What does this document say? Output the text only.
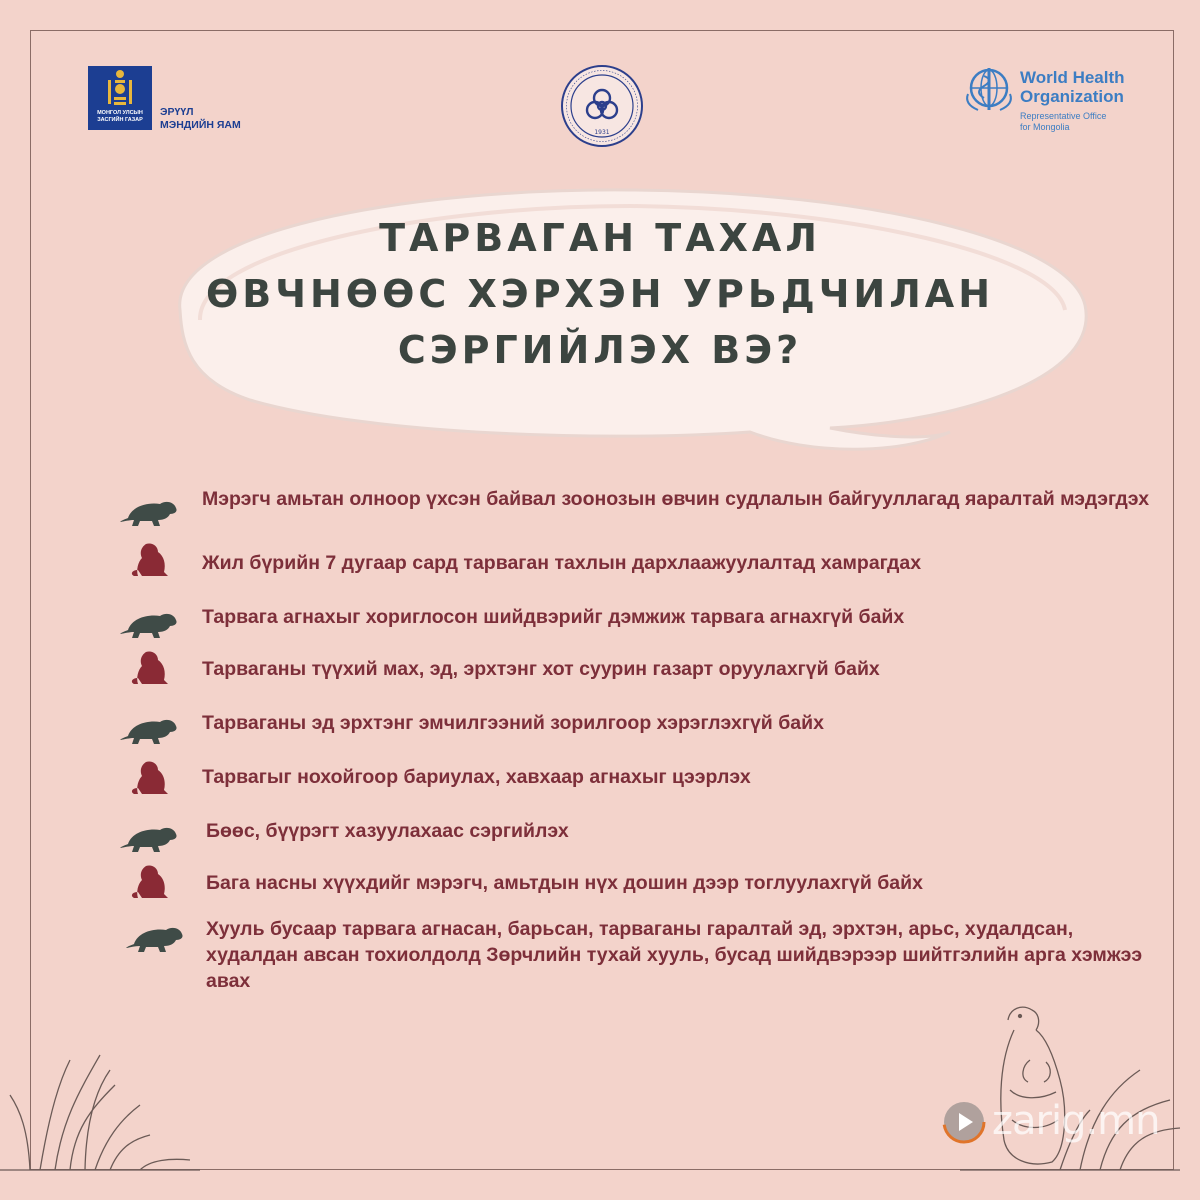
МОНГОЛ УЛСЫН
ЗАСГИЙН ГАЗАР
ЭРҮҮЛ
МЭНДИЙН ЯАМ
1931
World Health
Organization
Representative Office
for Mongolia
ТАРВАГАН ТАХАЛ
ӨВЧНӨӨС ХЭРХЭН УРЬДЧИЛАН
СЭРГИЙЛЭХ ВЭ?
Мэрэгч амьтан олноор үхсэн байвал зоонозын өвчин судлалын байгууллагад яаралтай мэдэгдэх
Жил бүрийн 7 дугаар сард тарваган тахлын дархлаажуулалтад хамрагдах
Тарвага агнахыг хориглосон шийдвэрийг дэмжиж тарвага агнахгүй байх
Тарваганы түүхий мах, эд, эрхтэнг хот суурин газарт оруулахгүй байх
Тарваганы эд эрхтэнг эмчилгээний зорилгоор хэрэглэхгүй байх
Тарвагыг нохойгоор бариулах, хавхаар агнахыг цээрлэх
Бөөс, бүүрэгт хазуулахаас сэргийлэх
Бага насны хүүхдийг мэрэгч, амьтдын нүх дошин дээр тоглуулахгүй байх
Хууль бусаар тарвага агнасан, барьсан, тарваганы гаралтай эд, эрхтэн, арьс, худалдсан, худалдан авсан тохиолдолд Зөрчлийн тухай хууль, бусад шийдвэрээр шийтгэлийн арга хэмжээ авах
zarig.mn
